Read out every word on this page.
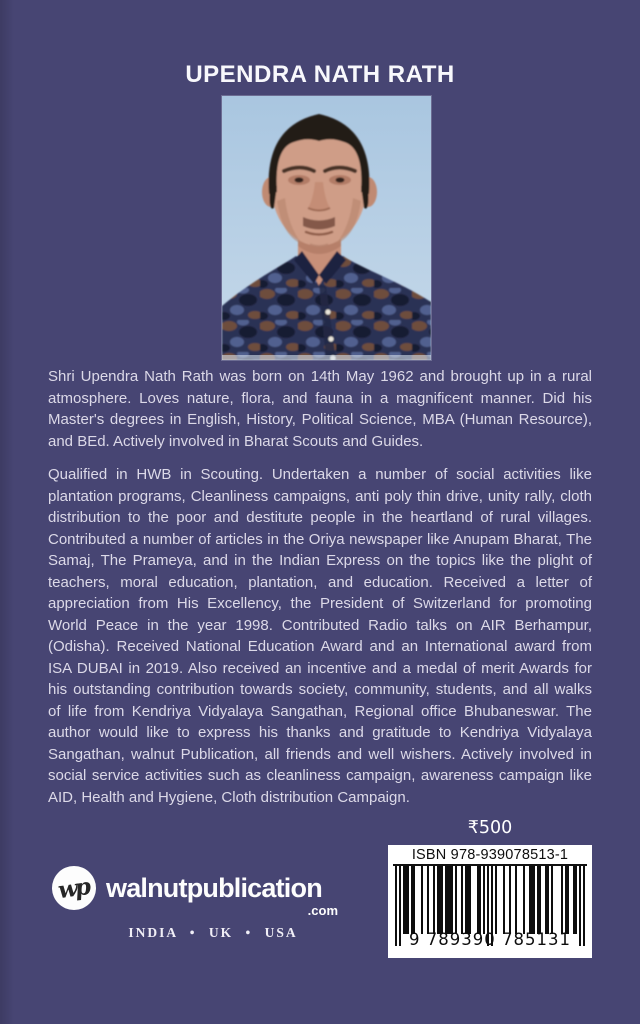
UPENDRA NATH RATH

Shri Upendra Nath Rath was born on 14th May 1962 and brought up in a rural atmosphere. Loves nature, flora, and fauna in a magnificent manner. Did his Master's degrees in English, History, Political Science, MBA (Human Resource), and BEd. Actively involved in Bharat Scouts and Guides.

Qualified in HWB in Scouting. Undertaken a number of social activities like plantation programs, Cleanliness campaigns, anti poly thin drive, unity rally, cloth distribution to the poor and destitute people in the heartland of rural villages. Contributed a number of articles in the Oriya newspaper like Anupam Bharat, The Samaj, The Prameya, and in the Indian Express on the topics like the plight of teachers, moral education, plantation, and education. Received a letter of appreciation from His Excellency, the President of Switzerland for promoting World Peace in the year 1998. Contributed Radio talks on AIR Berhampur, (Odisha). Received National Education Award and an International award from ISA DUBAI in 2019. Also received an incentive and a medal of merit Awards for his outstanding contribution towards society, community, students, and all walks of life from Kendriya Vidyalaya Sangathan, Regional office Bhubaneswar. The author would like to express his thanks and gratitude to Kendriya Vidyalaya Sangathan, walnut Publication, all friends and well wishers. Actively involved in social service activities such as cleanliness campaign, awareness campaign like AID, Health and Hygiene, Cloth distribution Campaign.

₹500
ISBN 978-939078513-1
9 789390 785131
wp walnutpublication
.com
INDIA • UK • USA
